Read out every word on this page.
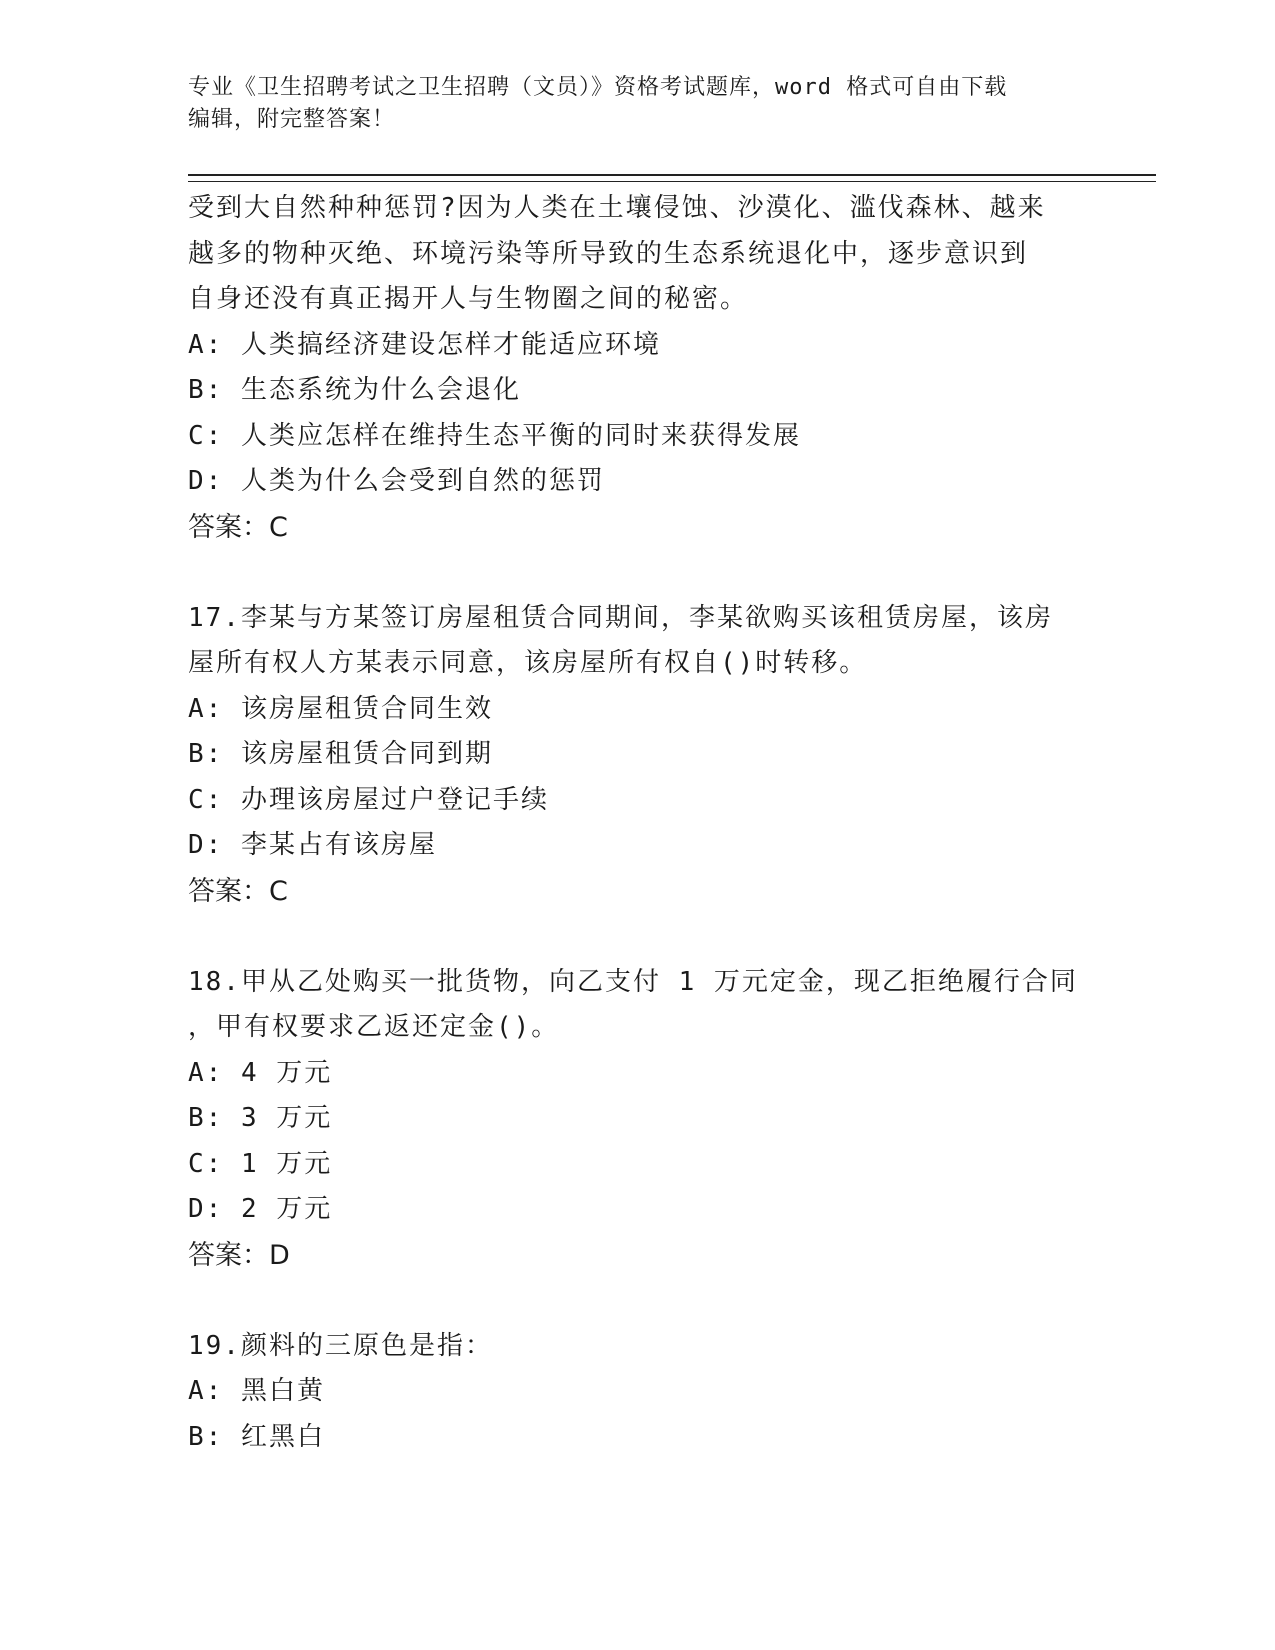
专业《卫生招聘考试之卫生招聘（文员）》资格考试题库，word 格式可自由下载
编辑，附完整答案！
受到大自然种种惩罚?因为人类在土壤侵蚀、沙漠化、滥伐森林、越来
越多的物种灭绝、环境污染等所导致的生态系统退化中，逐步意识到
自身还没有真正揭开人与生物圈之间的秘密。
A: 人类搞经济建设怎样才能适应环境
B: 生态系统为什么会退化
C: 人类应怎样在维持生态平衡的同时来获得发展
D: 人类为什么会受到自然的惩罚
答案：C
17.李某与方某签订房屋租赁合同期间，李某欲购买该租赁房屋，该房
屋所有权人方某表示同意，该房屋所有权自()时转移。
A: 该房屋租赁合同生效
B: 该房屋租赁合同到期
C: 办理该房屋过户登记手续
D: 李某占有该房屋
答案：C
18.甲从乙处购买一批货物，向乙支付 1 万元定金，现乙拒绝履行合同
，甲有权要求乙返还定金()。
A: 4 万元
B: 3 万元
C: 1 万元
D: 2 万元
答案：D
19.颜料的三原色是指：
A: 黑白黄
B: 红黑白
